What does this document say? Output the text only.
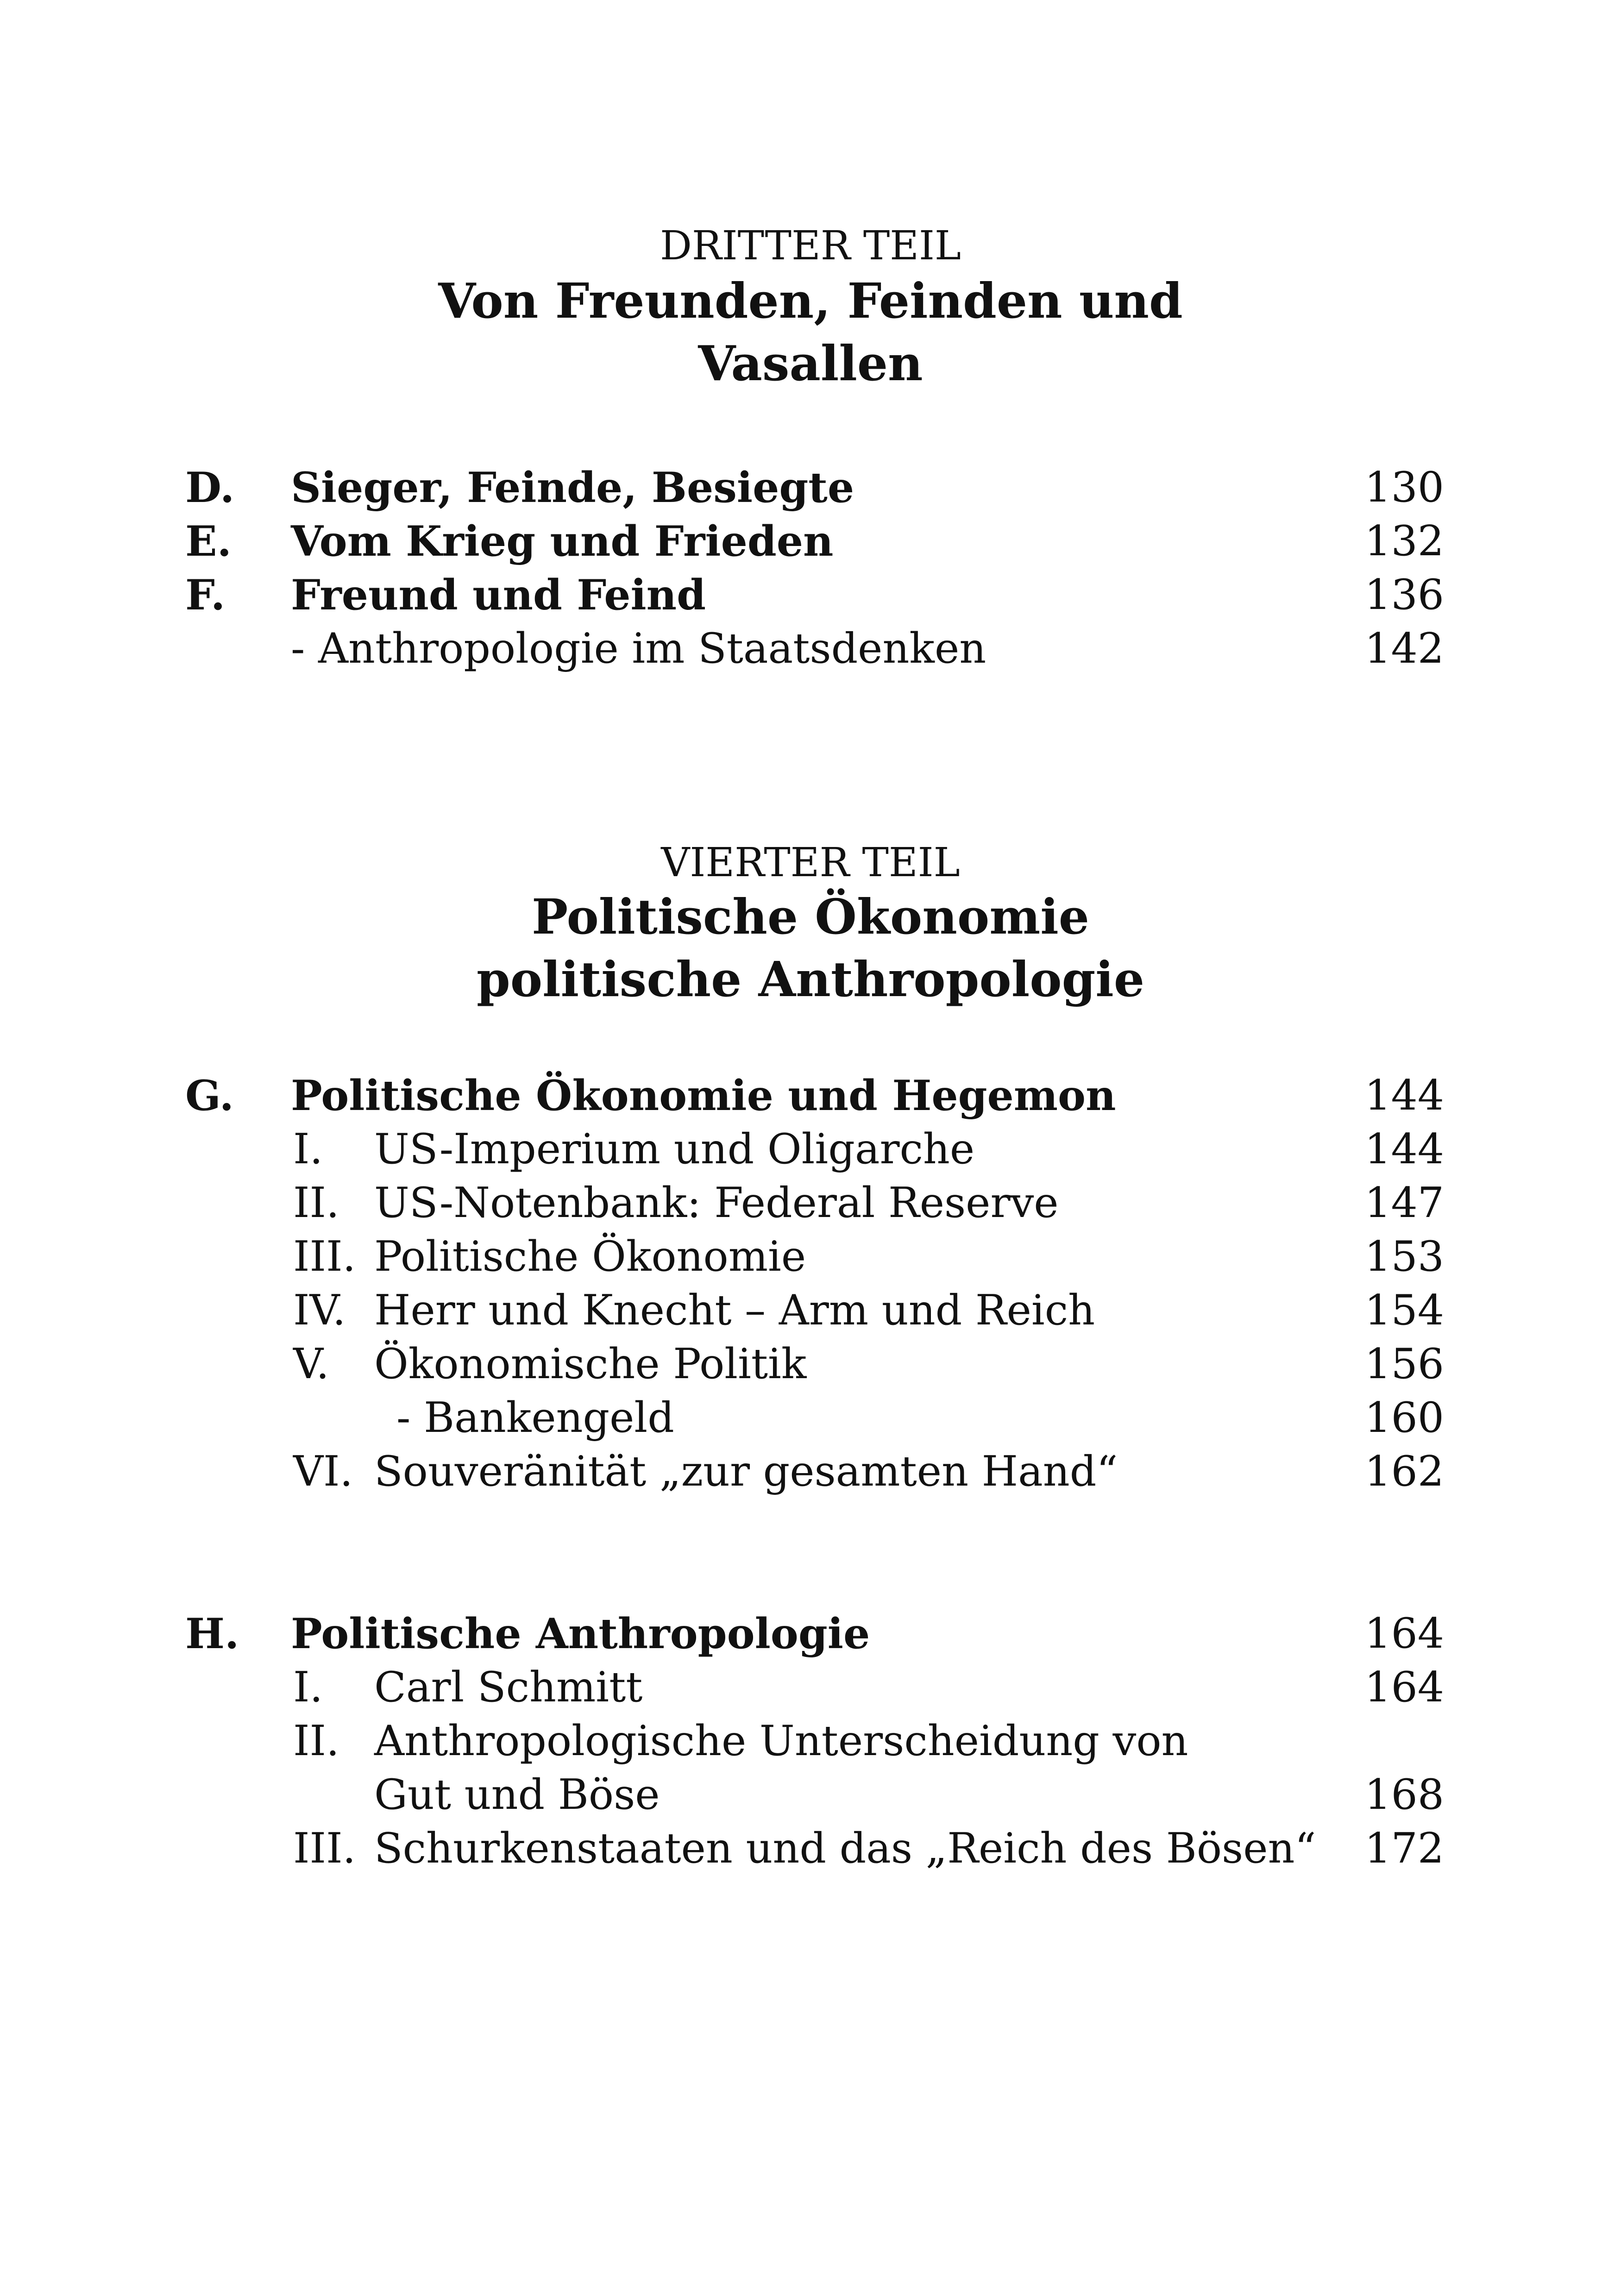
DRITTER TEIL
Von Freunden, Feinden und
Vasallen
D. Sieger, Feinde, Besiegte	130
E. Vom Krieg und Frieden	132
F. Freund und Feind	136
- Anthropologie im Staatsdenken	142
VIERTER TEIL
Politische Ökonomie
politische Anthropologie
G. Politische Ökonomie und Hegemon	144
I. US-Imperium und Oligarche	144
II. US-Notenbank: Federal Reserve	147
III. Politische Ökonomie	153
IV. Herr und Knecht – Arm und Reich	154
V. Ökonomische Politik	156
- Bankengeld	160
VI. Souveränität „zur gesamten Hand“	162
H. Politische Anthropologie	164
I. Carl Schmitt	164
II. Anthropologische Unterscheidung von
Gut und Böse	168
III. Schurkenstaaten und das „Reich des Bösen“ 172
